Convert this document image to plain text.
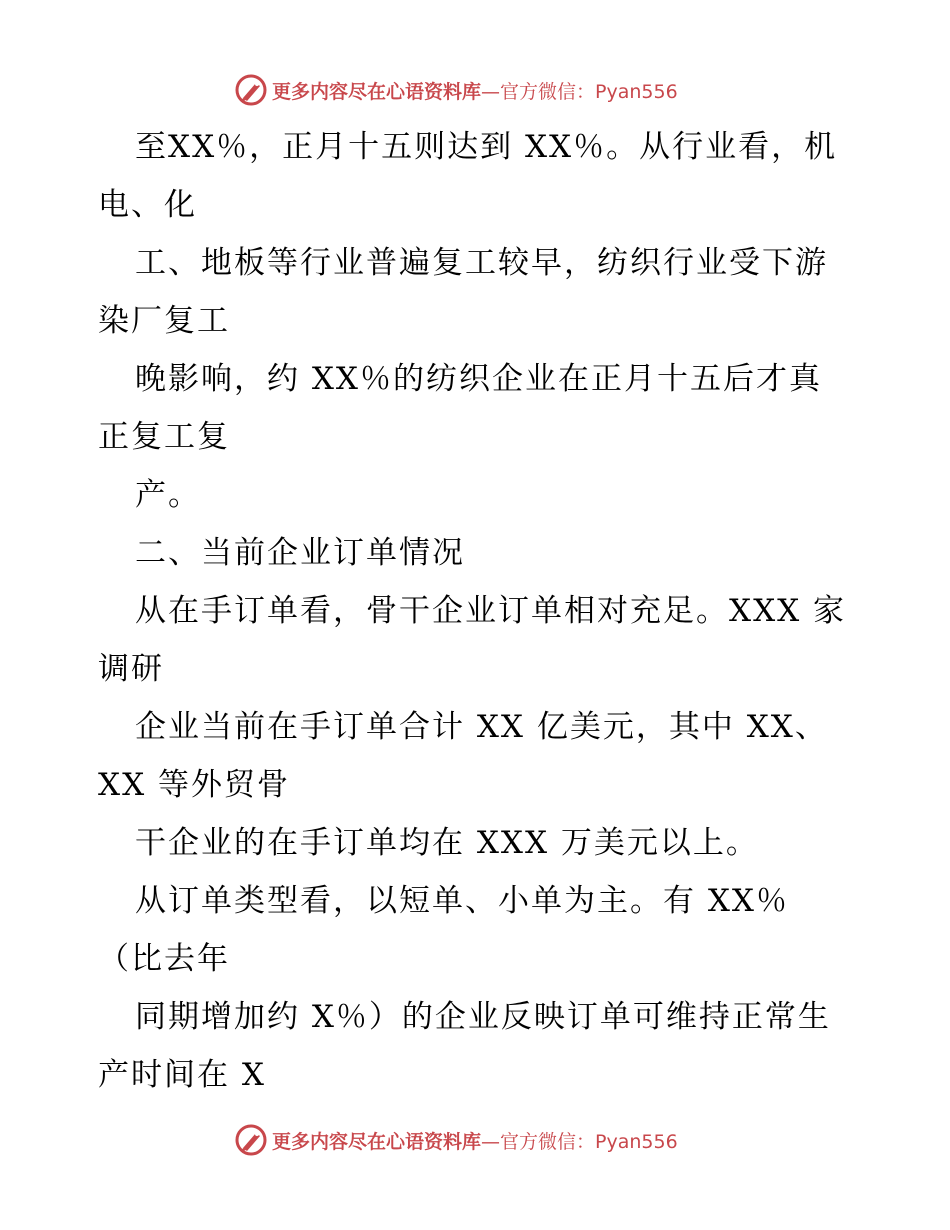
更多内容尽在心语资料库—官方微信：Pyan556
至XX％，正月十五则达到 XX％。从行业看，机
电、化
工、地板等行业普遍复工较早，纺织行业受下游
染厂复工
晚影响，约 XX％的纺织企业在正月十五后才真
正复工复
产。
二、当前企业订单情况
从在手订单看，骨干企业订单相对充足。XXX 家
调研
企业当前在手订单合计 XX 亿美元，其中 XX、
XX 等外贸骨
干企业的在手订单均在 XXX 万美元以上。
从订单类型看，以短单、小单为主。有 XX％
（比去年
同期增加约 X％）的企业反映订单可维持正常生
产时间在 X
更多内容尽在心语资料库—官方微信：Pyan556
